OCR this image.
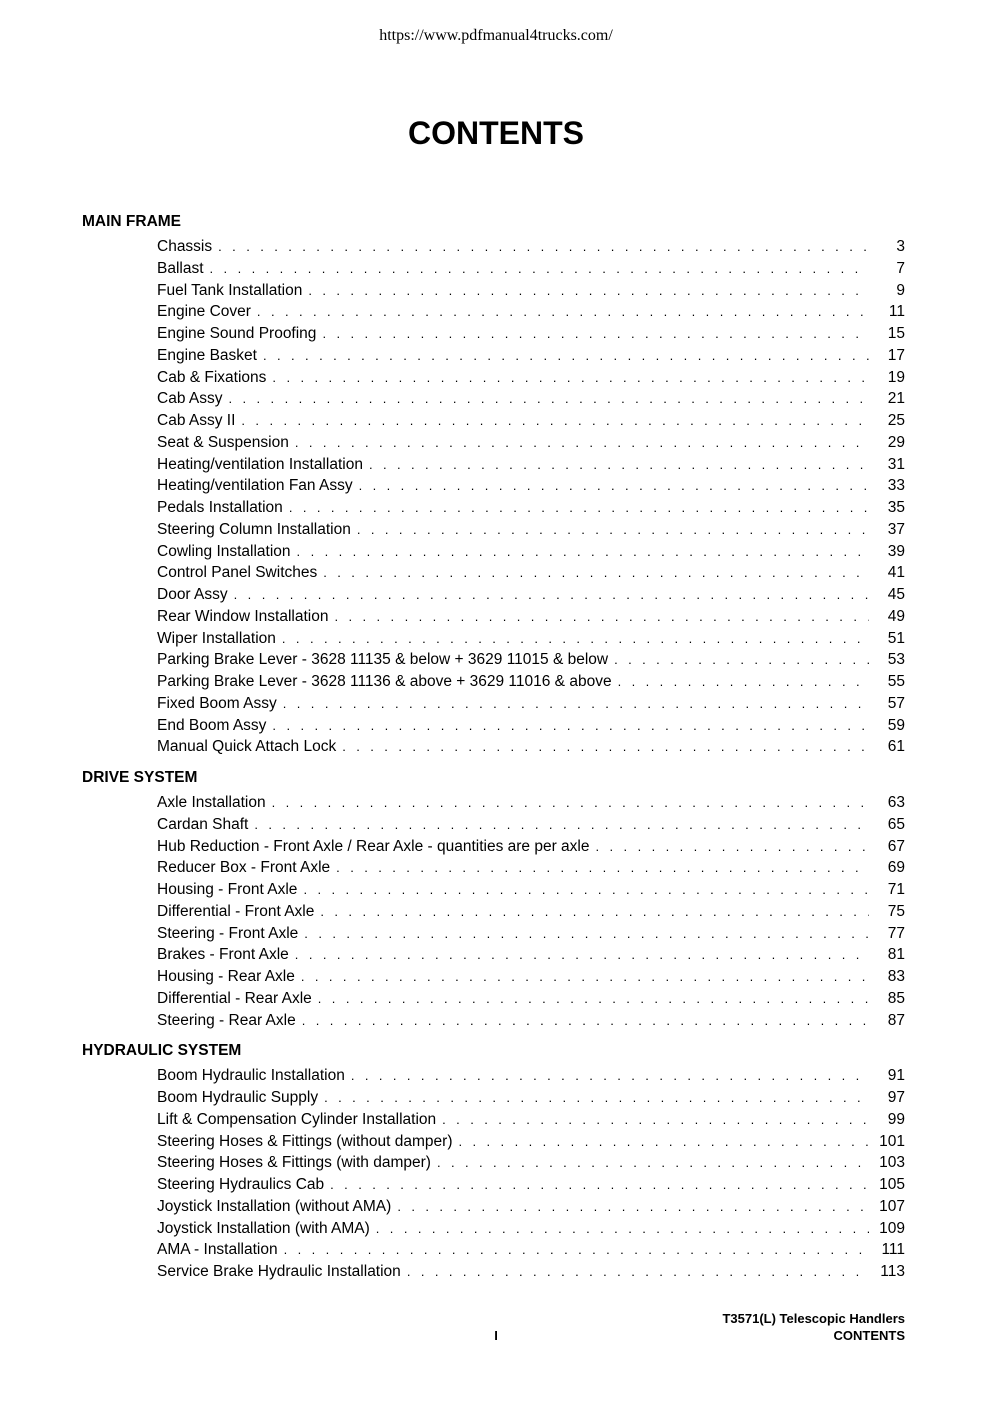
https://www.pdfmanual4trucks.com/
CONTENTS
MAIN FRAME
Chassis . . .	3
Ballast . . .	7
Fuel Tank Installation . . .	9
Engine Cover . . .	11
Engine Sound Proofing . . .	15
Engine Basket . . .	17
Cab & Fixations . . .	19
Cab Assy . . .	21
Cab Assy II . . .	25
Seat & Suspension . . .	29
Heating/ventilation Installation . . .	31
Heating/ventilation Fan Assy . . .	33
Pedals Installation . . .	35
Steering Column Installation . . .	37
Cowling Installation . . .	39
Control Panel Switches . . .	41
Door Assy . . .	45
Rear Window Installation . . .	49
Wiper Installation . . .	51
Parking Brake Lever - 3628 11135 & below + 3629 11015 & below . . .	53
Parking Brake Lever - 3628 11136 & above + 3629 11016 & above . . .	55
Fixed Boom Assy . . .	57
End Boom Assy . . .	59
Manual Quick Attach Lock . . .	61
DRIVE SYSTEM
Axle Installation . . .	63
Cardan Shaft . . .	65
Hub Reduction - Front Axle / Rear Axle - quantities are per axle . . .	67
Reducer Box - Front Axle . . .	69
Housing - Front Axle . . .	71
Differential - Front Axle . . .	75
Steering - Front Axle . . .	77
Brakes - Front Axle . . .	81
Housing - Rear Axle . . .	83
Differential - Rear Axle . . .	85
Steering - Rear Axle . . .	87
HYDRAULIC SYSTEM
Boom Hydraulic Installation . . .	91
Boom Hydraulic Supply . . .	97
Lift & Compensation Cylinder Installation . . .	99
Steering Hoses & Fittings (without damper) . . .	101
Steering Hoses & Fittings (with damper) . . .	103
Steering Hydraulics Cab . . .	105
Joystick Installation (without AMA) . . .	107
Joystick Installation (with AMA) . . .	109
AMA - Installation . . .	111
Service Brake Hydraulic Installation . . .	113
T3571(L) Telescopic Handlers
CONTENTS
I
